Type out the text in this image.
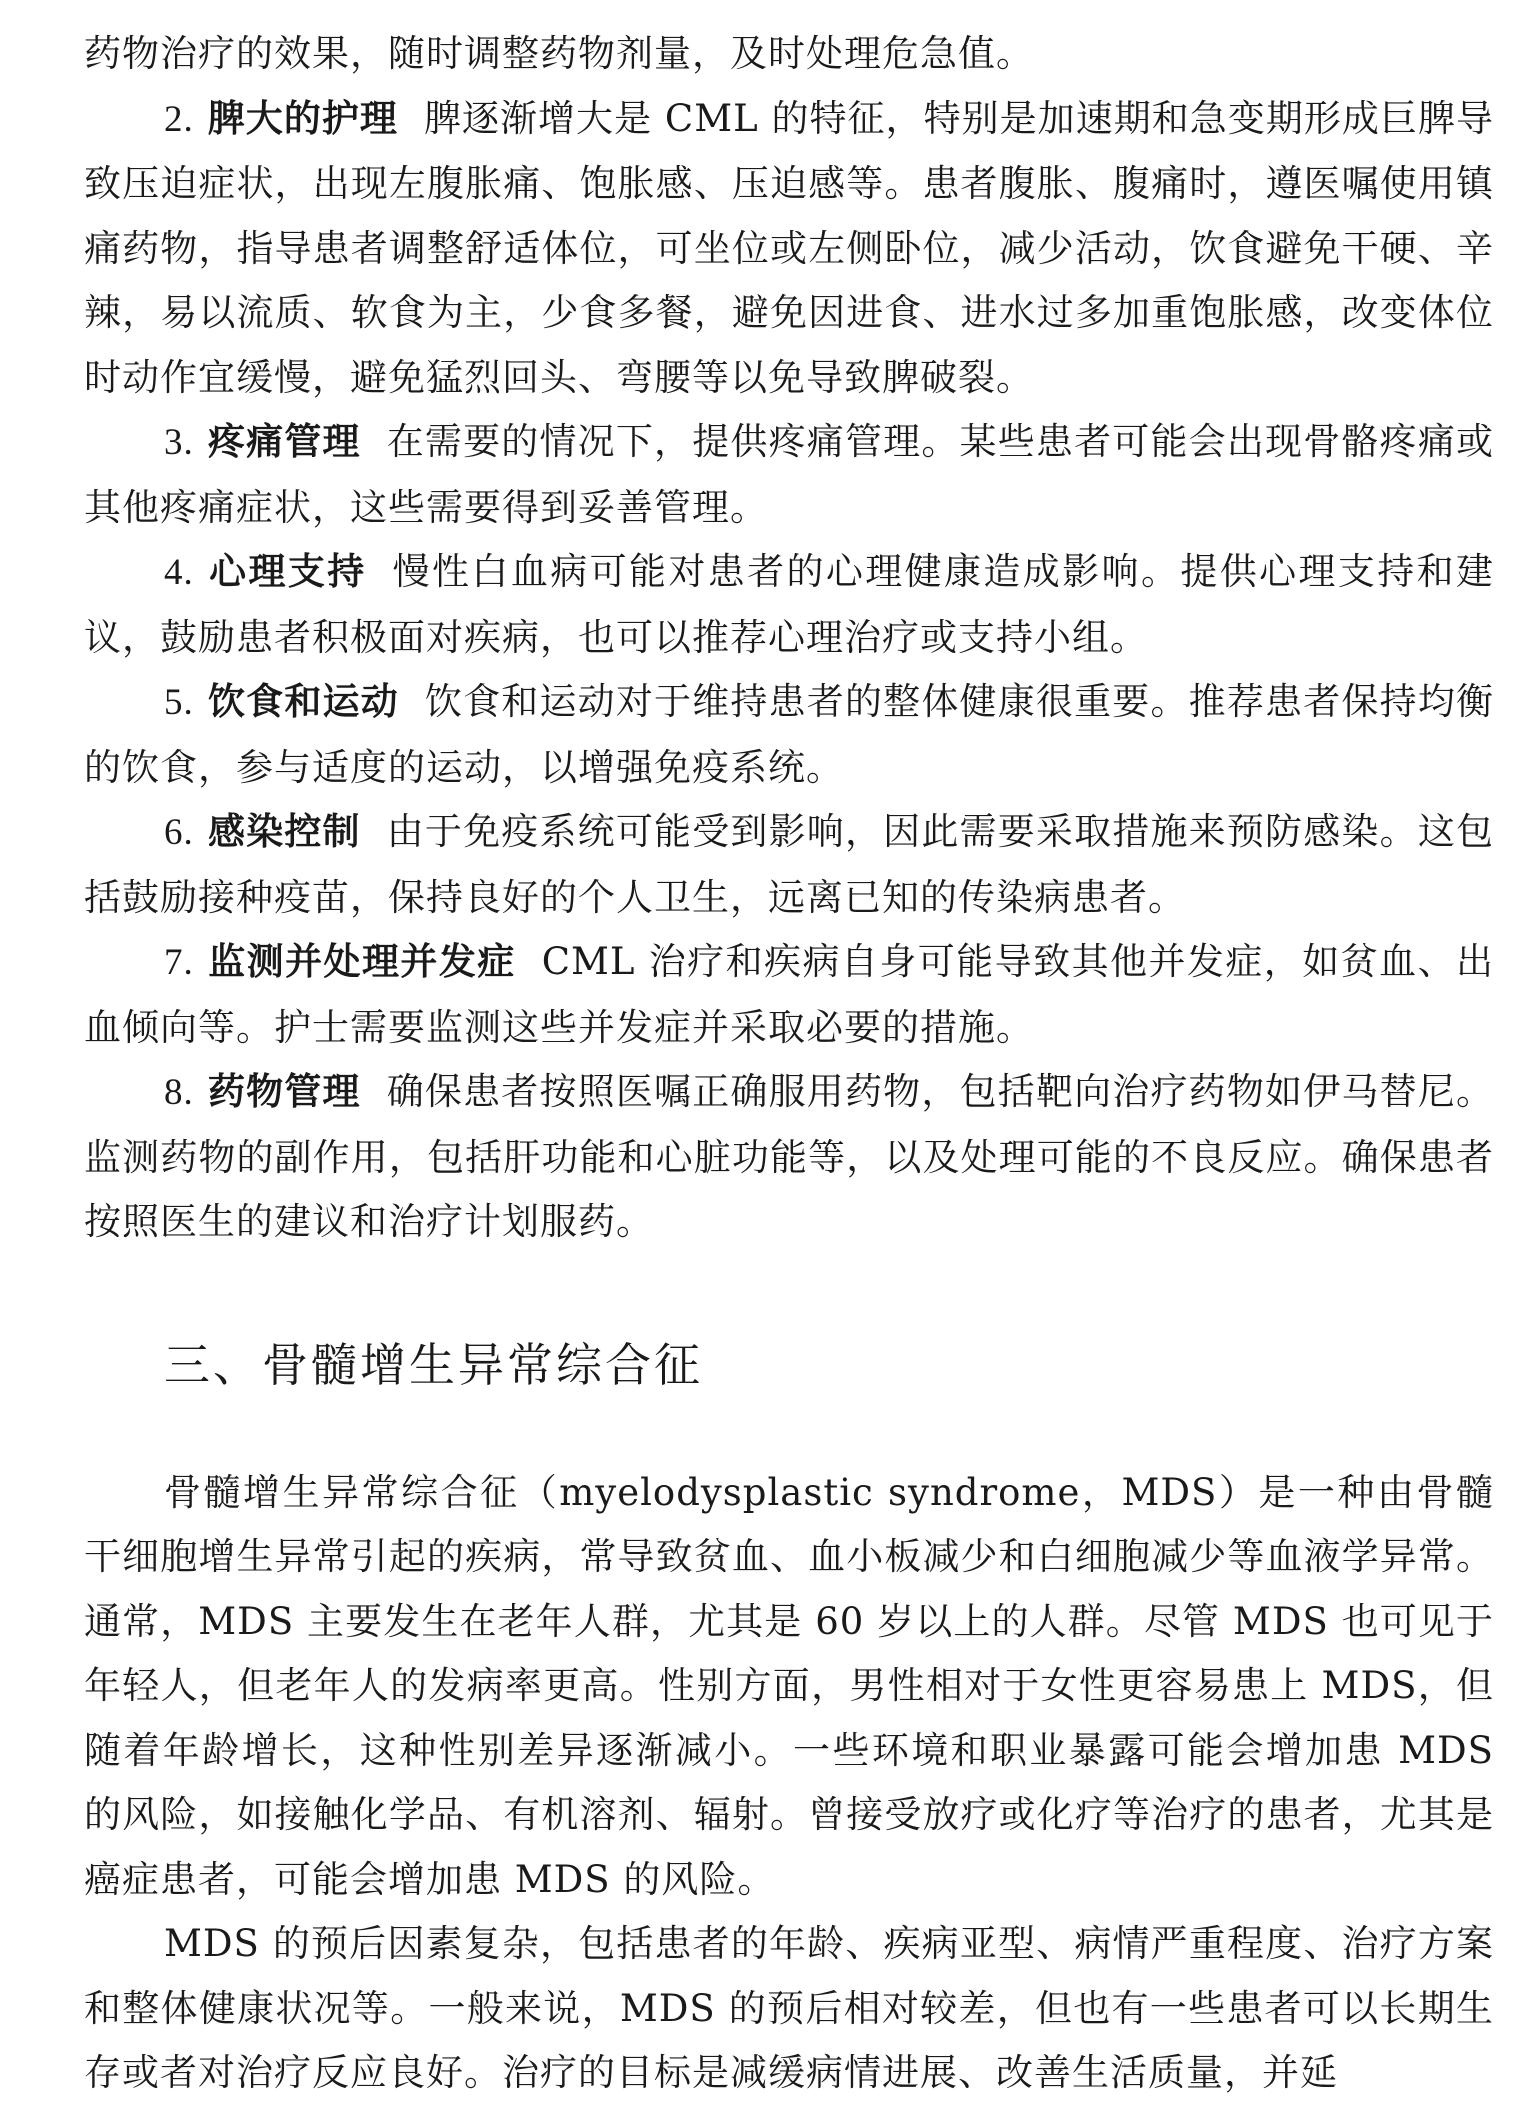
药物治疗的效果，随时调整药物剂量，及时处理危急值。

2. 脾大的护理 脾逐渐增大是 CML 的特征，特别是加速期和急变期形成巨脾导致压迫症状，出现左腹胀痛、饱胀感、压迫感等。患者腹胀、腹痛时，遵医嘱使用镇痛药物，指导患者调整舒适体位，可坐位或左侧卧位，减少活动，饮食避免干硬、辛辣，易以流质、软食为主，少食多餐，避免因进食、进水过多加重饱胀感，改变体位时动作宜缓慢，避免猛烈回头、弯腰等以免导致脾破裂。

3. 疼痛管理 在需要的情况下，提供疼痛管理。某些患者可能会出现骨骼疼痛或其他疼痛症状，这些需要得到妥善管理。

4. 心理支持 慢性白血病可能对患者的心理健康造成影响。提供心理支持和建议，鼓励患者积极面对疾病，也可以推荐心理治疗或支持小组。

5. 饮食和运动 饮食和运动对于维持患者的整体健康很重要。推荐患者保持均衡的饮食，参与适度的运动，以增强免疫系统。

6. 感染控制 由于免疫系统可能受到影响，因此需要采取措施来预防感染。这包括鼓励接种疫苗，保持良好的个人卫生，远离已知的传染病患者。

7. 监测并处理并发症 CML 治疗和疾病自身可能导致其他并发症，如贫血、出血倾向等。护士需要监测这些并发症并采取必要的措施。

8. 药物管理 确保患者按照医嘱正确服用药物，包括靶向治疗药物如伊马替尼。监测药物的副作用，包括肝功能和心脏功能等，以及处理可能的不良反应。确保患者按照医生的建议和治疗计划服药。

三、骨髓增生异常综合征

骨髓增生异常综合征（myelodysplastic syndrome，MDS）是一种由骨髓干细胞增生异常引起的疾病，常导致贫血、血小板减少和白细胞减少等血液学异常。通常，MDS 主要发生在老年人群，尤其是 60 岁以上的人群。尽管 MDS 也可见于年轻人，但老年人的发病率更高。性别方面，男性相对于女性更容易患上 MDS，但随着年龄增长，这种性别差异逐渐减小。一些环境和职业暴露可能会增加患 MDS 的风险，如接触化学品、有机溶剂、辐射。曾接受放疗或化疗等治疗的患者，尤其是癌症患者，可能会增加患 MDS 的风险。

MDS 的预后因素复杂，包括患者的年龄、疾病亚型、病情严重程度、治疗方案和整体健康状况等。一般来说，MDS 的预后相对较差，但也有一些患者可以长期生存或者对治疗反应良好。治疗的目标是减缓病情进展、改善生活质量，并延
